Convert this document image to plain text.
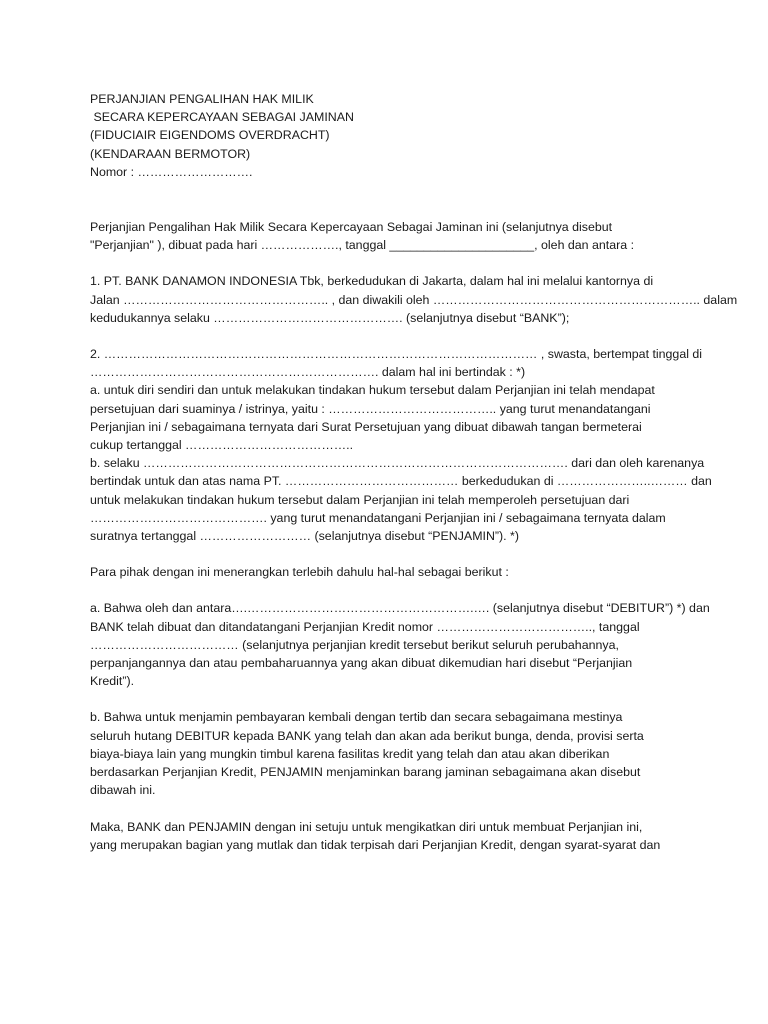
PERJANJIAN PENGALIHAN HAK MILIK

SECARA KEPERCAYAAN SEBAGAI JAMINAN

(FIDUCIAIR EIGENDOMS OVERDRACHT)

(KENDARAAN BERMOTOR)

Nomor : ……………………….

Perjanjian Pengalihan Hak Milik Secara Kepercayaan Sebagai Jaminan ini (selanjutnya disebut
"Perjanjian" ), dibuat pada hari ………………., tanggal _____________________, oleh dan antara :
1. PT. BANK DANAMON INDONESIA Tbk, berkedudukan di Jakarta, dalam hal ini melalui kantornya di
Jalan ………………………………………….. , dan diwakili oleh ……………………………………………………….. dalam
kedudukannya selaku ………………………………………. (selanjutnya disebut “BANK”);
2. …………………………………………………………………………………………… , swasta, bertempat tinggal di
……………………………………………………………. dalam hal ini bertindak : *)
a. untuk diri sendiri dan untuk melakukan tindakan hukum tersebut dalam Perjanjian ini telah mendapat
persetujuan dari suaminya / istrinya, yaitu : ………………………………….. yang turut menandatangani
Perjanjian ini / sebagaimana ternyata dari Surat Persetujuan yang dibuat dibawah tangan bermeterai
cukup tertanggal …………………………………..
b. selaku …………………………………………………………………………………………. dari dan oleh karenanya
bertindak untuk dan atas nama PT. …………………………………… berkedudukan di …………………..……… dan
untuk melakukan tindakan hukum tersebut dalam Perjanjian ini telah memperoleh persetujuan dari
……………………………………. yang turut menandatangani Perjanjian ini / sebagaimana ternyata dalam
suratnya tertanggal ……………………… (selanjutnya disebut “PENJAMIN”). *)
Para pihak dengan ini menerangkan terlebih dahulu hal-hal sebagai berikut :
a. Bahwa oleh dan antara….……………………………………………….…. (selanjutnya disebut “DEBITUR”) *) dan
BANK telah dibuat dan ditandatangani Perjanjian Kredit nomor ……………………………….., tanggal
……………………………… (selanjutnya perjanjian kredit tersebut berikut seluruh perubahannya,
perpanjangannya dan atau pembaharuannya yang akan dibuat dikemudian hari disebut “Perjanjian
Kredit”).
b. Bahwa untuk menjamin pembayaran kembali dengan tertib dan secara sebagaimana mestinya
seluruh hutang DEBITUR kepada BANK yang telah dan akan ada berikut bunga, denda, provisi serta
biaya-biaya lain yang mungkin timbul karena fasilitas kredit yang telah dan atau akan diberikan
berdasarkan Perjanjian Kredit, PENJAMIN menjaminkan barang jaminan sebagaimana akan disebut
dibawah ini.
Maka, BANK dan PENJAMIN dengan ini setuju untuk mengikatkan diri untuk membuat Perjanjian ini,
yang merupakan bagian yang mutlak dan tidak terpisah dari Perjanjian Kredit, dengan syarat-syarat dan
